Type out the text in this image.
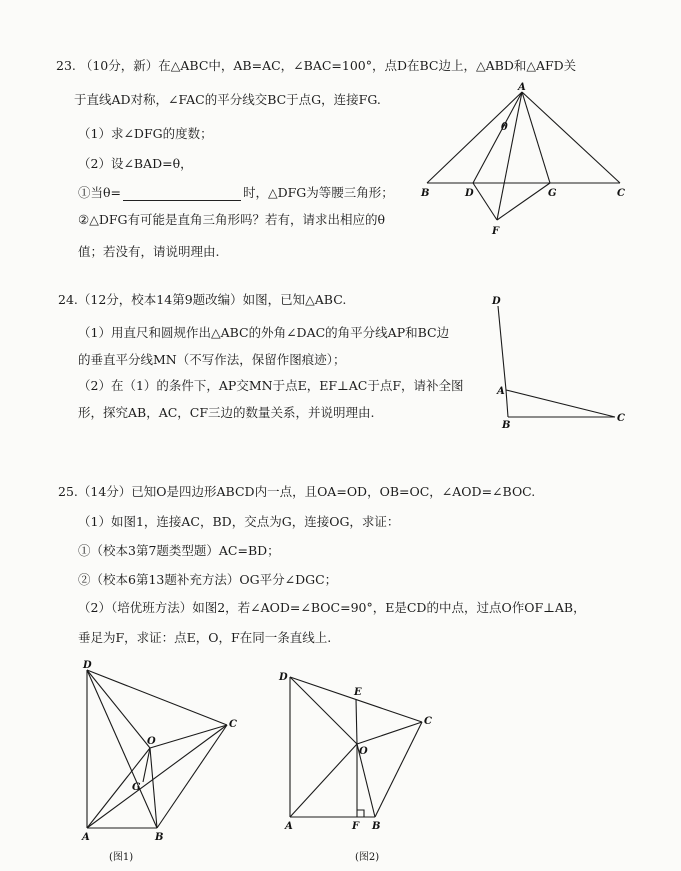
23. （10分，新）在△ABC中，AB=AC，∠BAC=100°，点D在BC边上，△ABD和△AFD关
于直线AD对称，∠FAC的平分线交BC于点G，连接FG.
（1）求∠DFG的度数；
（2）设∠BAD=θ，
①当θ=	时，△DFG为等腰三角形；
②△DFG有可能是直角三角形吗？若有，请求出相应的θ
值；若没有，请说明理由.
A
θ
B	D	G	C
F
24.（12分，校本14第9题改编）如图，已知△ABC.
（1）用直尺和圆规作出△ABC的外角∠DAC的角平分线AP和BC边
的垂直平分线MN（不写作法，保留作图痕迹）；
（2）在（1）的条件下，AP交MN于点E，EF⊥AC于点F，请补全图
形，探究AB，AC，CF三边的数量关系，并说明理由.
D
A
B
C
25.（14分）已知O是四边形ABCD内一点，且OA=OD，OB=OC，∠AOD=∠BOC.
（1）如图1，连接AC，BD，交点为G，连接OG，求证：
①（校本3第7题类型题）AC=BD；
②（校本6第13题补充方法）OG平分∠DGC；
（2）（培优班方法）如图2，若∠AOD=∠BOC=90°，E是CD的中点，过点O作OF⊥AB，
垂足为F，求证：点E，O，F在同一条直线上.
D
C
O
G
A	B
(图1)
D
E
C
O
A	F B
(图2)
